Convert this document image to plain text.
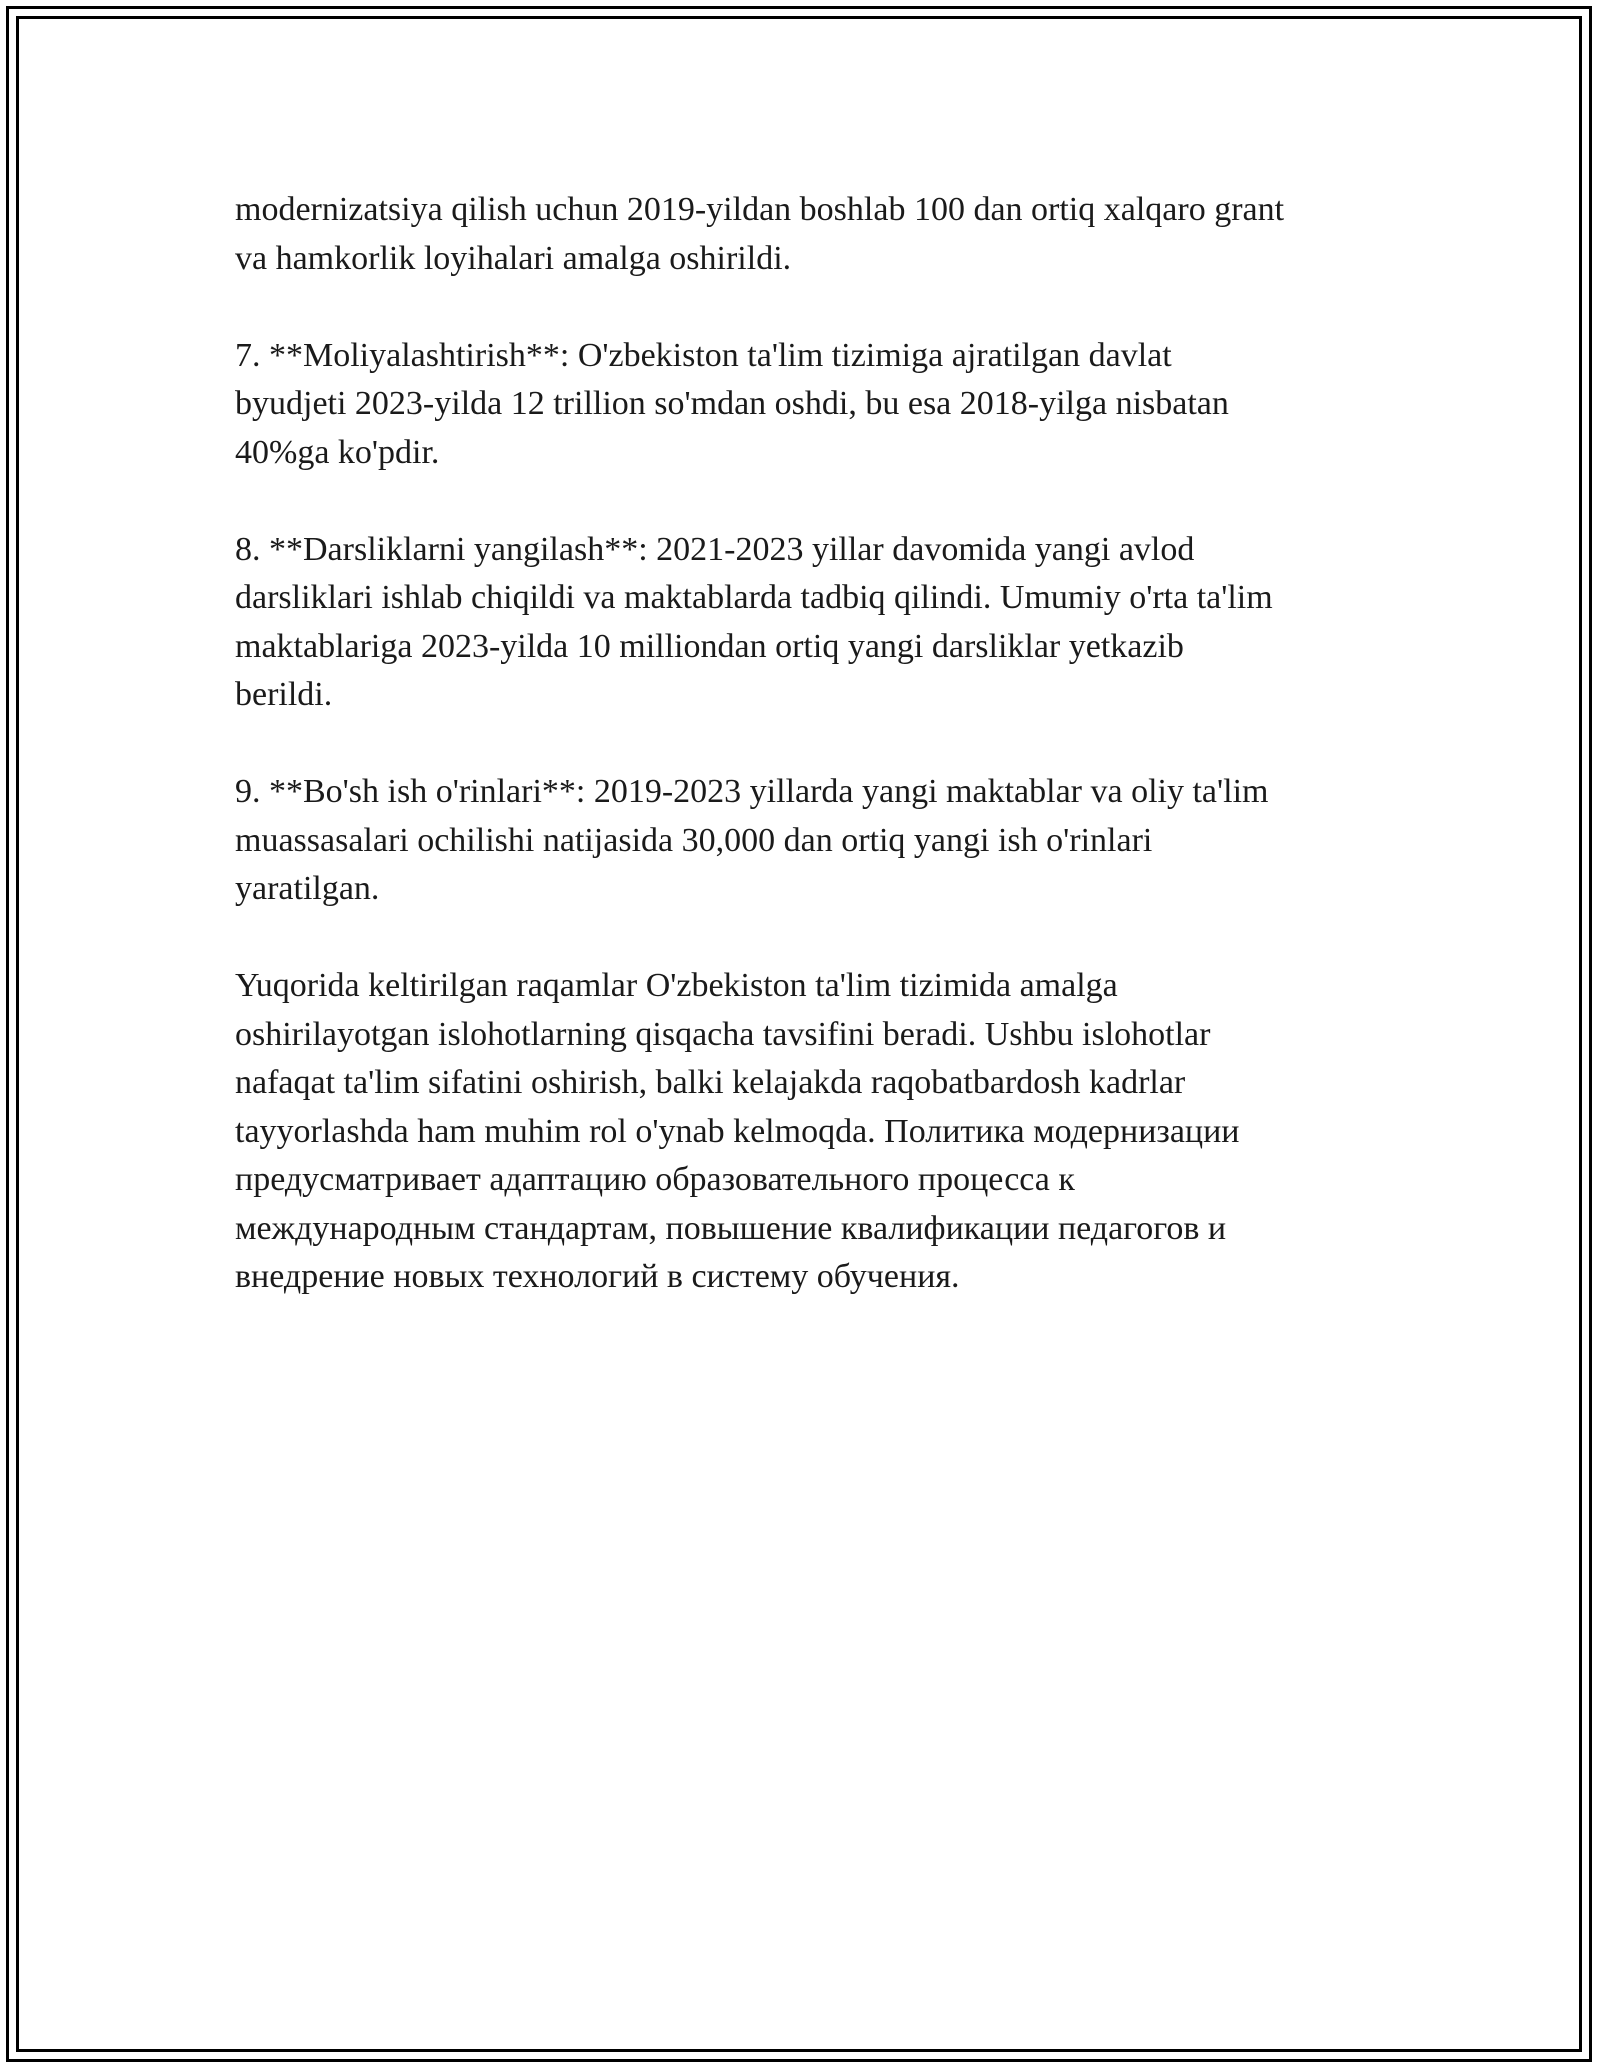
modernizatsiya qilish uchun 2019-yildan boshlab 100 dan ortiq xalqaro grant
va hamkorlik loyihalari amalga oshirildi.

7. **Moliyalashtirish**: O'zbekiston ta'lim tizimiga ajratilgan davlat
byudjeti 2023-yilda 12 trillion so'mdan oshdi, bu esa 2018-yilga nisbatan
40%ga ko'pdir.

8. **Darsliklarni yangilash**: 2021-2023 yillar davomida yangi avlod
darsliklari ishlab chiqildi va maktablarda tadbiq qilindi. Umumiy o'rta ta'lim
maktablariga 2023-yilda 10 milliondan ortiq yangi darsliklar yetkazib
berildi.

9. **Bo'sh ish o'rinlari**: 2019-2023 yillarda yangi maktablar va oliy ta'lim
muassasalari ochilishi natijasida 30,000 dan ortiq yangi ish o'rinlari
yaratilgan.

Yuqorida keltirilgan raqamlar O'zbekiston ta'lim tizimida amalga
oshirilayotgan islohotlarning qisqacha tavsifini beradi. Ushbu islohotlar
nafaqat ta'lim sifatini oshirish, balki kelajakda raqobatbardosh kadrlar
tayyorlashda ham muhim rol o'ynab kelmoqda. Политика модернизации
предусматривает адаптацию образовательного процесса к
международным стандартам, повышение квалификации педагогов и
внедрение новых технологий в систему обучения.
